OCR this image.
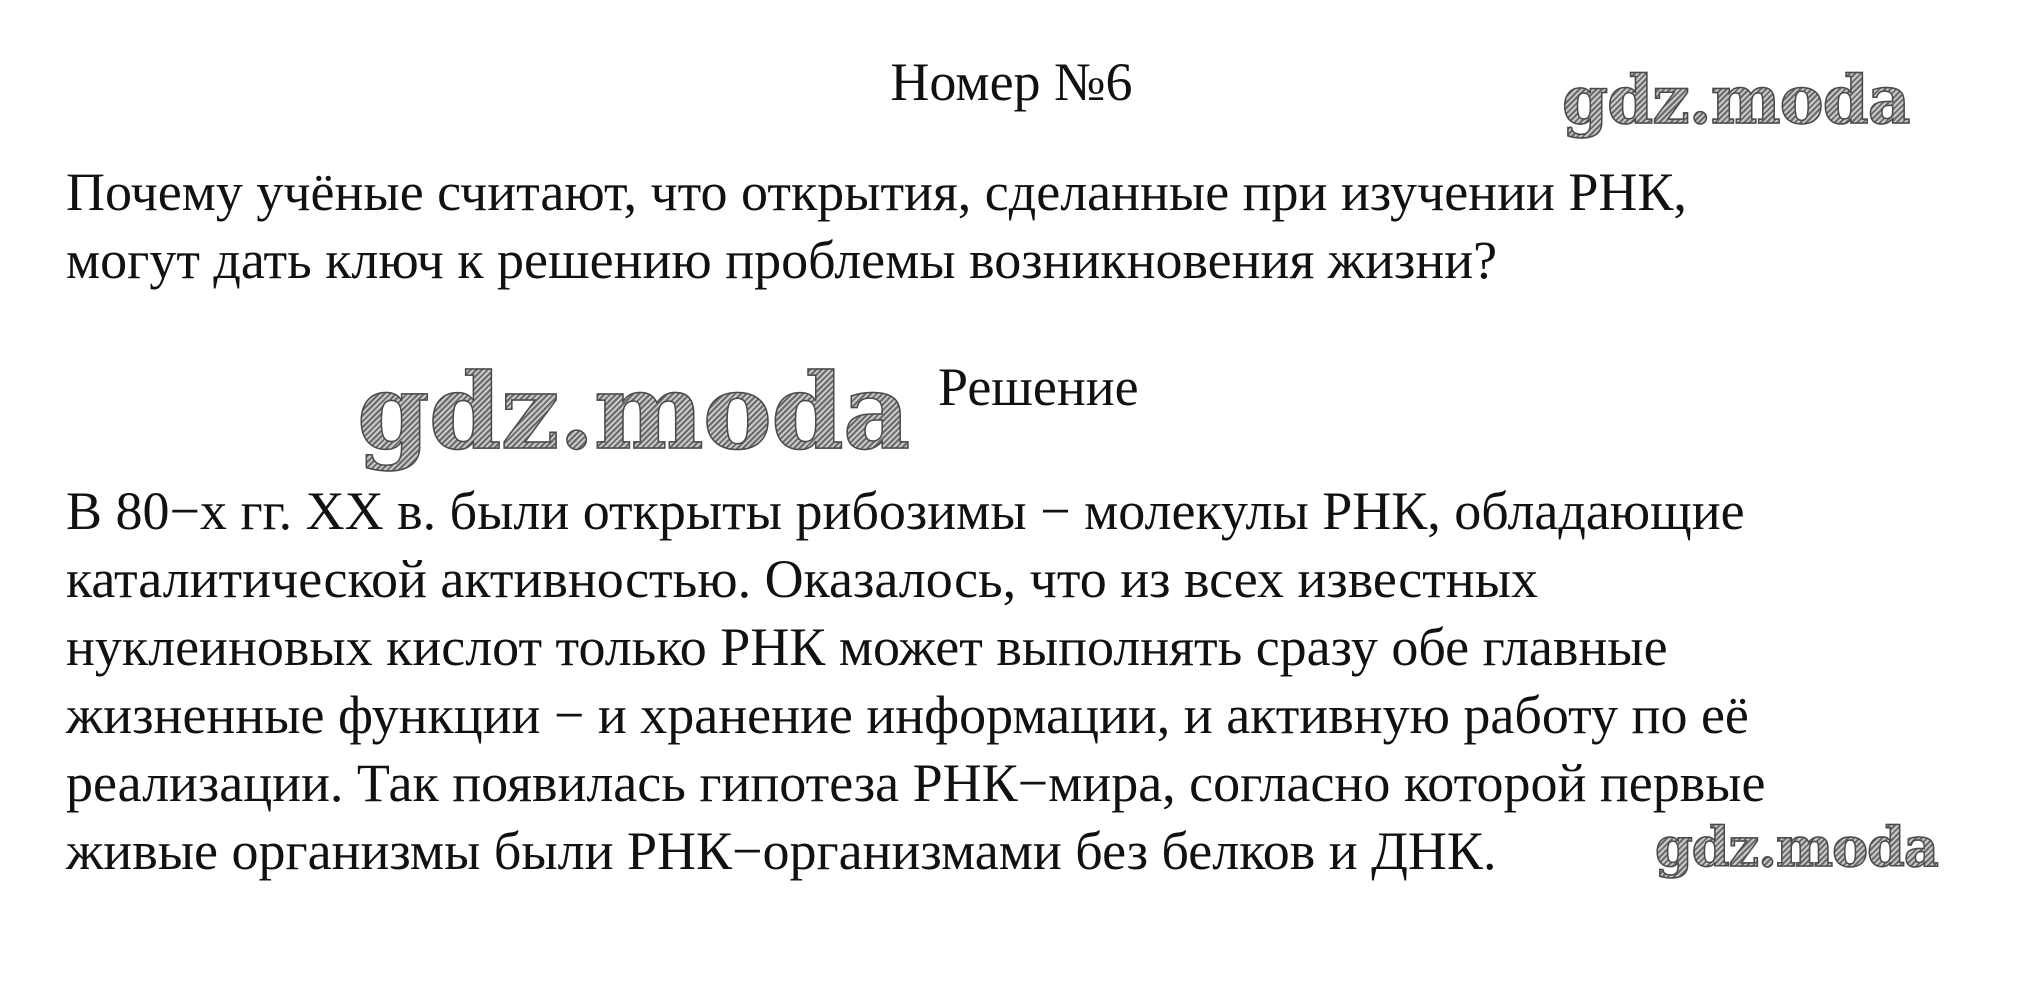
Номер №6	gdz.moda
Почему учёные считают, что открытия, сделанные при изучении РНК,
могут дать ключ к решению проблемы возникновения жизни?
gdz.moda Решение
В 80−х гг. XX в. были открыты рибозимы − молекулы РНК, обладающие
каталитической активностью. Оказалось, что из всех известных
нуклеиновых кислот только РНК может выполнять сразу обе главные
жизненные функции − и хранение информации, и активную работу по её
реализации. Так появилась гипотеза РНК−мира, согласно которой первые
живые организмы были РНК−организмами без белков и ДНК.	gdz.moda
